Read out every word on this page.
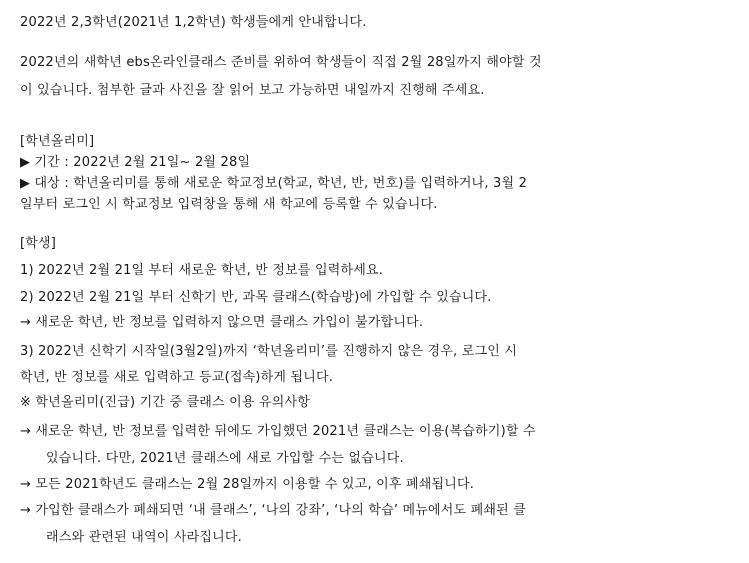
2022년 2,3학년(2021년 1,2학년) 학생들에게 안내합니다.
2022년의 새학년 ebs온라인클래스 준비를 위하여 학생들이 직접 2월 28일까지 해야할 것
이 있습니다. 첨부한 글과 사진을 잘 읽어 보고 가능하면 내일까지 진행해 주세요.
[학년올리미]
▶ 기간 : 2022년 2월 21일~ 2월 28일
▶ 대상 : 학년올리미를 통해 새로운 학교정보(학교, 학년, 반, 번호)를 입력하거나, 3월 2
일부터 로그인 시 학교정보 입력창을 통해 새 학교에 등록할 수 있습니다.
[학생]
1) 2022년 2월 21일 부터 새로운 학년, 반 정보를 입력하세요.
2) 2022년 2월 21일 부터 신학기 반, 과목 클래스(학습방)에 가입할 수 있습니다.
→ 새로운 학년, 반 정보를 입력하지 않으면 클래스 가입이 불가합니다.
3) 2022년 신학기 시작일(3월2일)까지 ‘학년올리미’를 진행하지 않은 경우, 로그인 시
학년, 반 정보를 새로 입력하고 등교(접속)하게 됩니다.
※ 학년올리미(진급) 기간 중 클래스 이용 유의사항
→ 새로운 학년, 반 정보를 입력한 뒤에도 가입했던 2021년 클래스는 이용(복습하기)할 수
있습니다. 다만, 2021년 클래스에 새로 가입할 수는 없습니다.
→ 모든 2021학년도 클래스는 2월 28일까지 이용할 수 있고, 이후 폐쇄됩니다.
→ 가입한 클래스가 폐쇄되면 ‘내 클래스’, ‘나의 강좌’, ‘나의 학습’ 메뉴에서도 폐쇄된 클
래스와 관련된 내역이 사라집니다.
